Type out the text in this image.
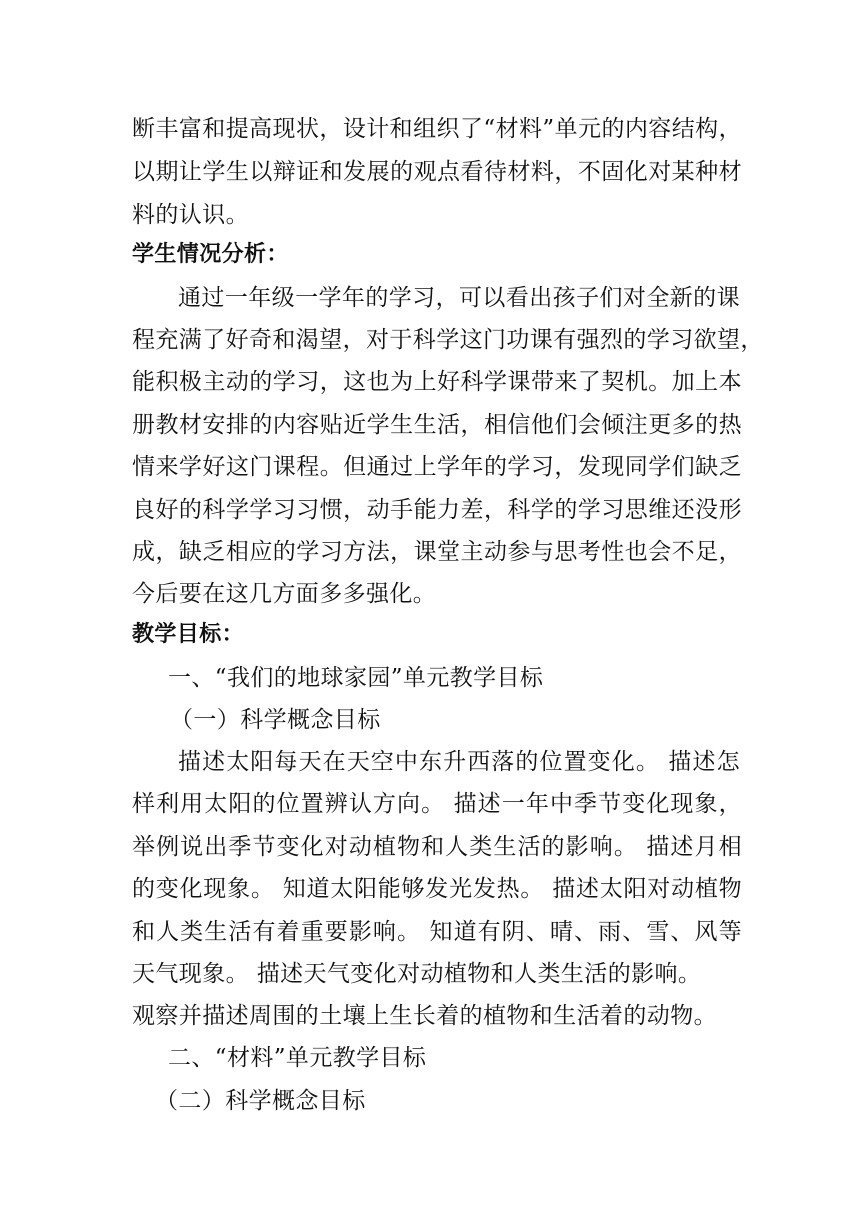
断丰富和提高现状，设计和组织了“材料”单元的内容结构，
以期让学生以辩证和发展的观点看待材料，不固化对某种材
料的认识。
学生情况分析：
通过一年级一学年的学习，可以看出孩子们对全新的课
程充满了好奇和渴望，对于科学这门功课有强烈的学习欲望，
能积极主动的学习，这也为上好科学课带来了契机。加上本
册教材安排的内容贴近学生生活，相信他们会倾注更多的热
情来学好这门课程。但通过上学年的学习，发现同学们缺乏
良好的科学学习习惯，动手能力差，科学的学习思维还没形
成，缺乏相应的学习方法，课堂主动参与思考性也会不足，
今后要在这几方面多多强化。
教学目标：
一、“我们的地球家园”单元教学目标
（一）科学概念目标
描述太阳每天在天空中东升西落的位置变化。 描述怎
样利用太阳的位置辨认方向。 描述一年中季节变化现象，
举例说出季节变化对动植物和人类生活的影响。 描述月相
的变化现象。 知道太阳能够发光发热。 描述太阳对动植物
和人类生活有着重要影响。 知道有阴、晴、雨、雪、风等
天气现象。 描述天气变化对动植物和人类生活的影响。
观察并描述周围的土壤上生长着的植物和生活着的动物。
二、“材料”单元教学目标
（二）科学概念目标
